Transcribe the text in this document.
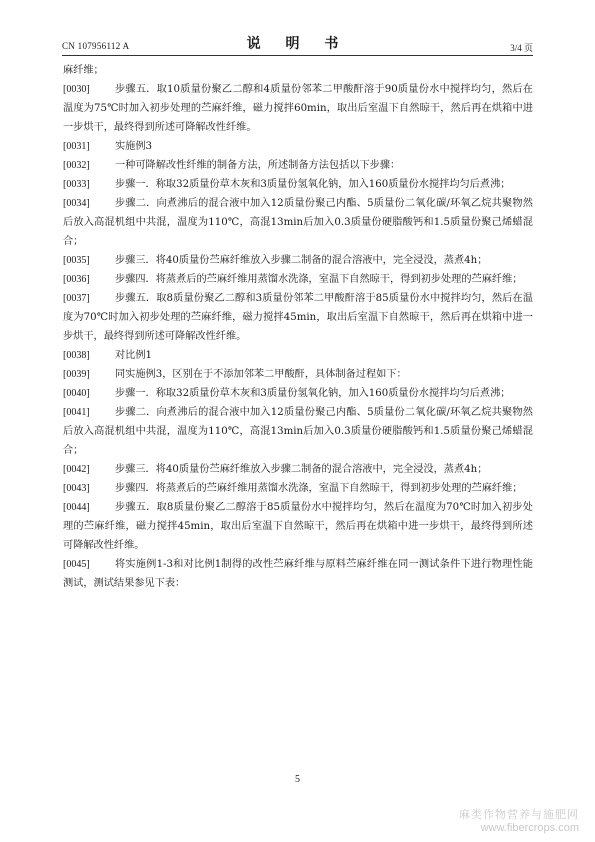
CN 107956112 A	说 明 书	3/4 页
麻纤维；
[0030]	步骤五．取10质量份聚乙二醇和4质量份邻苯二甲酸酐溶于90质量份水中搅拌均匀，然后在温度为75℃时加入初步处理的苎麻纤维，磁力搅拌60min，取出后室温下自然晾干，然后再在烘箱中进一步烘干，最终得到所述可降解改性纤维。
[0031]	实施例3
[0032]	一种可降解改性纤维的制备方法，所述制备方法包括以下步骤：
[0033]	步骤一．称取32质量份草木灰和3质量份氢氧化钠，加入160质量份水搅拌均匀后煮沸；
[0034]	步骤二．向煮沸后的混合液中加入12质量份聚己内酯、5质量份二氧化碳/环氧乙烷共聚物然后放入高混机组中共混，温度为110℃，高混13min后加入0.3质量份硬脂酸钙和1.5质量份聚己烯蜡混合；
[0035]	步骤三．将40质量份苎麻纤维放入步骤二制备的混合溶液中，完全浸没，蒸煮4h；
[0036]	步骤四．将蒸煮后的苎麻纤维用蒸馏水洗涤，室温下自然晾干，得到初步处理的苎麻纤维；
[0037]	步骤五．取8质量份聚乙二醇和3质量份邻苯二甲酸酐溶于85质量份水中搅拌均匀，然后在温度为70℃时加入初步处理的苎麻纤维，磁力搅拌45min，取出后室温下自然晾干，然后再在烘箱中进一步烘干，最终得到所述可降解改性纤维。
[0038]	对比例1
[0039]	同实施例3，区别在于不添加邻苯二甲酸酐，具体制备过程如下：
[0040]	步骤一．称取32质量份草木灰和3质量份氢氧化钠，加入160质量份水搅拌均匀后煮沸；
[0041]	步骤二．向煮沸后的混合液中加入12质量份聚己内酯、5质量份二氧化碳/环氧乙烷共聚物然后放入高混机组中共混，温度为110℃，高混13min后加入0.3质量份硬脂酸钙和1.5质量份聚己烯蜡混合；
[0042]	步骤三．将40质量份苎麻纤维放入步骤二制备的混合溶液中，完全浸没，蒸煮4h；
[0043]	步骤四．将蒸煮后的苎麻纤维用蒸馏水洗涤，室温下自然晾干，得到初步处理的苎麻纤维；
[0044]	步骤五．取8质量份聚乙二醇溶于85质量份水中搅拌均匀，然后在温度为70℃时加入初步处理的苎麻纤维，磁力搅拌45min，取出后室温下自然晾干，然后再在烘箱中进一步烘干，最终得到所述可降解改性纤维。
[0045]	将实施例1-3和对比例1制得的改性苎麻纤维与原料苎麻纤维在同一测试条件下进行物理性能测试，测试结果参见下表：
5
麻类作物营养与施肥网
www.fibercrops.com
